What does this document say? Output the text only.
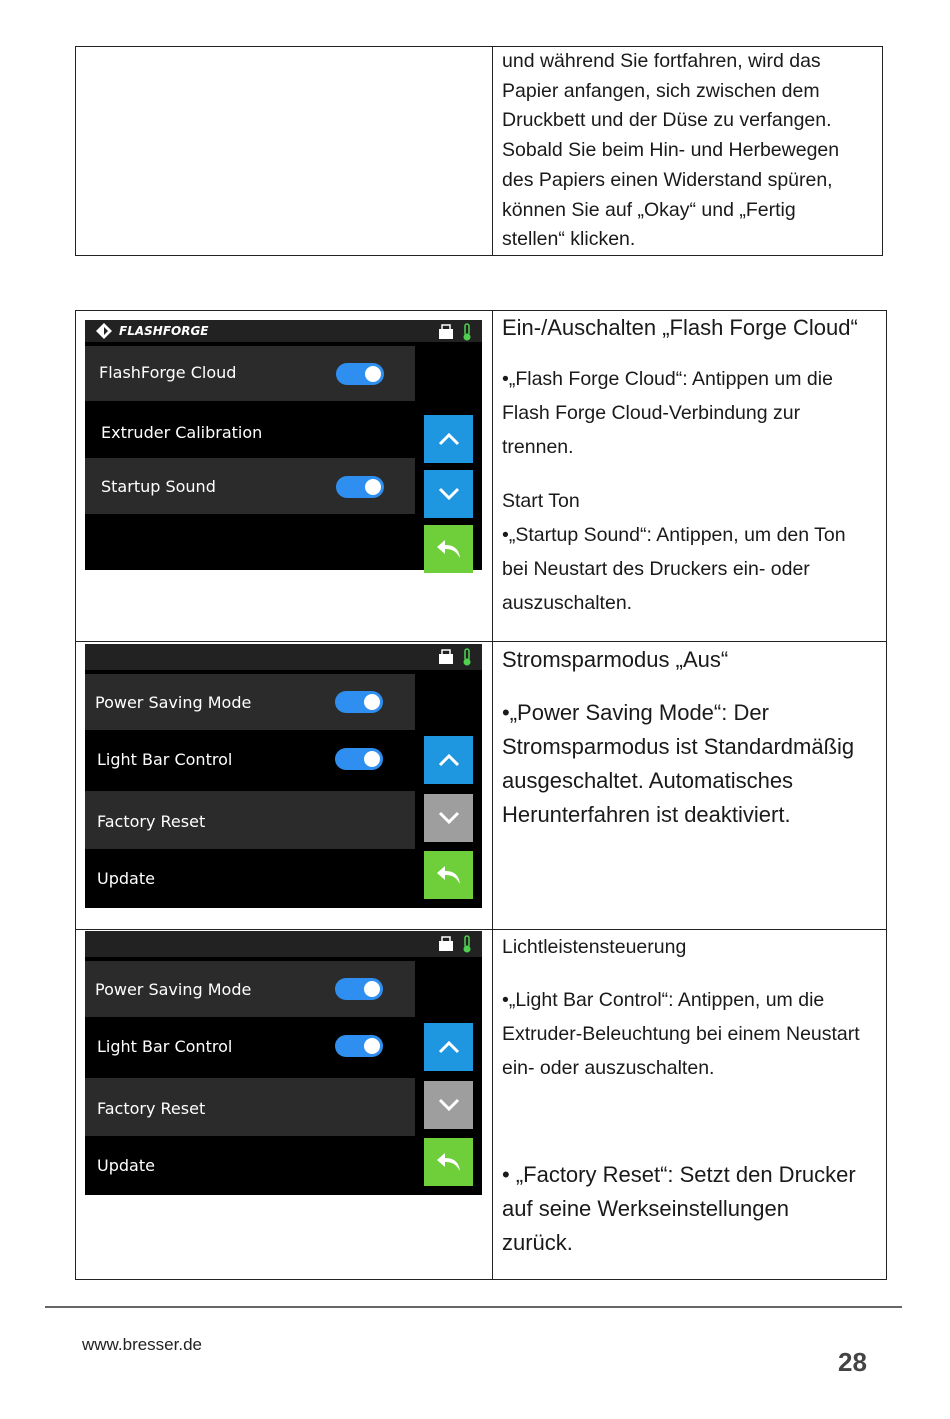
und während Sie fortfahren, wird das
Papier anfangen, sich zwischen dem
Druckbett und der Düse zu verfangen.
Sobald Sie beim Hin- und Herbewegen
des Papiers einen Widerstand spüren,
können Sie auf „Okay“ und „Fertig
stellen“ klicken.
FLASHFORGE
FlashForge Cloud
Extruder Calibration
Startup Sound
Ein-/Auschalten „Flash Forge Cloud“
•„Flash Forge Cloud“: Antippen um die
Flash Forge Cloud-Verbindung zur
trennen.
Start Ton
•„Startup Sound“: Antippen, um den Ton
bei Neustart des Druckers ein- oder
auszuschalten.
Power Saving Mode
Light Bar Control
Factory Reset
Update
Stromsparmodus „Aus“
•„Power Saving Mode“: Der
Stromsparmodus ist Standardmäßig
ausgeschaltet. Automatisches
Herunterfahren ist deaktiviert.
Power Saving Mode
Light Bar Control
Factory Reset
Update
Lichtleistensteuerung
•„Light Bar Control“: Antippen, um die
Extruder-Beleuchtung bei einem Neustart
ein- oder auszuschalten.
• „Factory Reset“: Setzt den Drucker
auf seine Werkseinstellungen
zurück.
www.bresser.de
28
